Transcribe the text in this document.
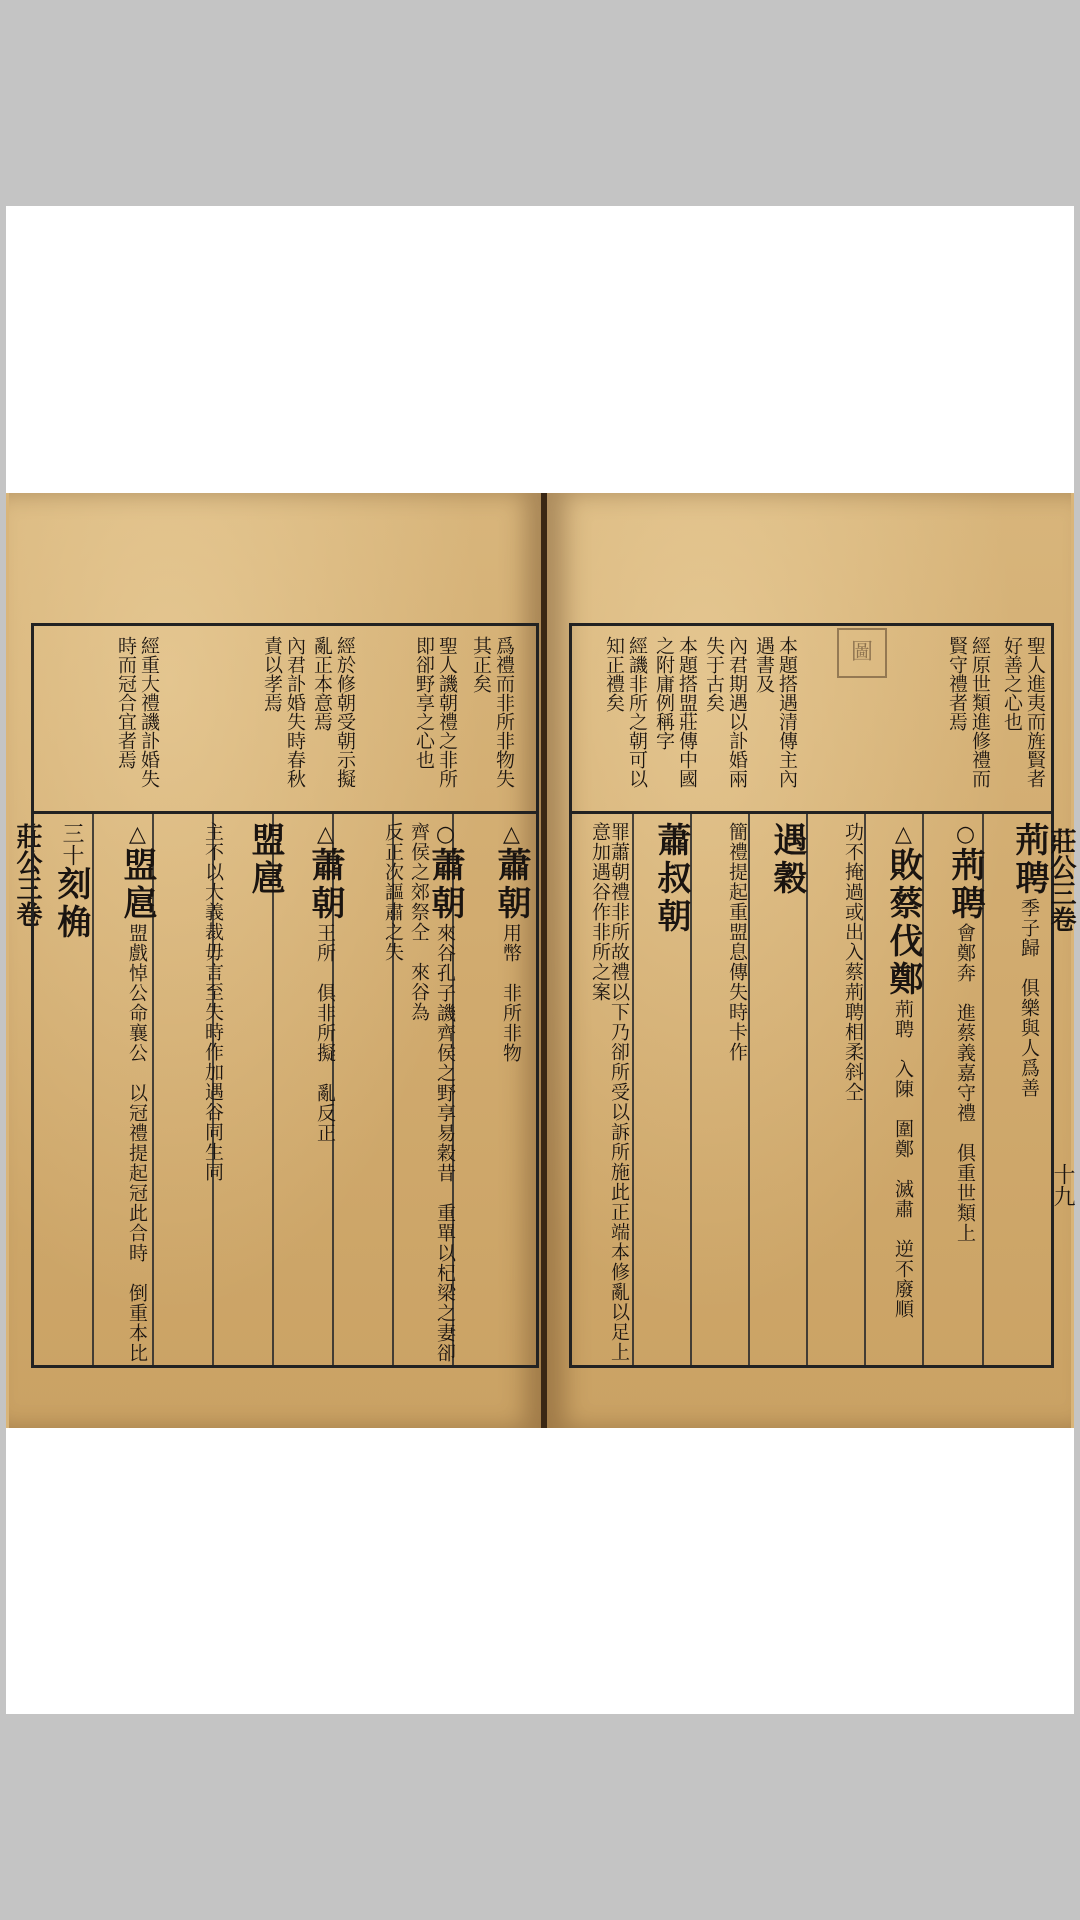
莊公三卷
爲禮而非所非物失
其正矣
聖人譏朝禮之非所
即卻野享之心也
經於修朝受朝示擬
亂正本意焉
內君訃婚失時春秋
責以孝焉
經重大禮譏訃婚失
時而冠合宜者焉
△蕭朝用幣　非所非物
○蕭朝來谷孔子譏齊侯之野享易穀昔　重單以杞梁之妻卻齊侯之郊祭仝　來谷為
反正次謳肅之失
△蕭朝王所　俱非所擬　亂反正
盟扈
主不以大義裁毋言至失時作加遇谷同生同
△盟扈盟戲悼公命襄公　以冠禮提起冠此合時　倒重本比
三十刻桷
圖	聖人進夷而旌賢者
好善之心也
經原世類進修禮而
賢守禮者焉
本題搭遇清傳主內
遇書及
內君期遇以訃婚兩
失于古矣
本題搭盟莊傳中國
之附庸例稱字
經譏非所之朝可以
知正禮矣
荊聘季子歸　俱樂與人爲善
○荊聘會鄭奔　進蔡義嘉守禮　俱重世類上
△敗蔡伐鄭荊聘　入陳　圍鄭　滅肅　逆不廢順
功不掩過或出入蔡荊聘相柔斜仝
遇穀
簡禮提起重盟息傳失時卡作
蕭叔朝
罪蕭朝禮非所故禮以下乃卻所受以訴所施此正端本修亂以足上意加遇谷作非所之案	莊公三卷
十九
